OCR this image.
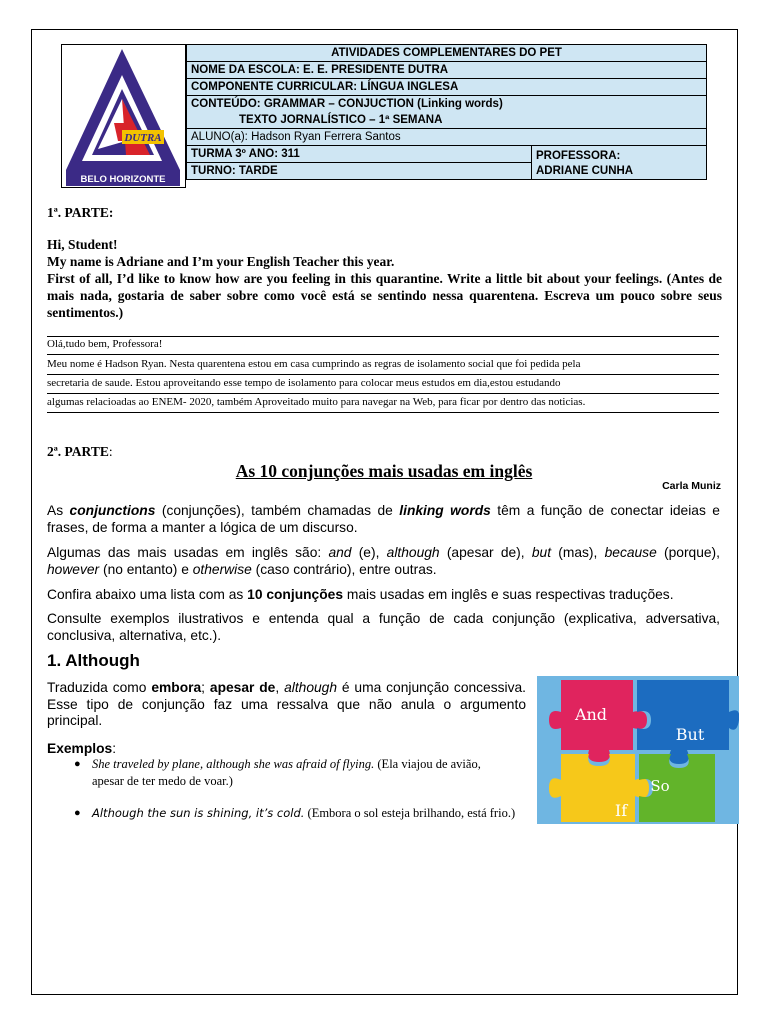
DUTRA
BELO HORIZONTE
ATIVIDADES COMPLEMENTARES DO PET
NOME DA ESCOLA: E. E. PRESIDENTE DUTRA
COMPONENTE CURRICULAR: LÍNGUA INGLESA

CONTEÚDO: GRAMMAR – CONJUCTION (Linking words)
TEXTO JORNALÍSTICO – 1ª SEMANA

ALUNO(a): Hadson Ryan Ferrera Santos
TURMA 3º ANO: 311	PROFESSORA:
ADRIANE CUNHA

TURNO: TARDE
1ª. PARTE:
Hi, Student!
My name is Adriane and I’m your English Teacher this year.
First of all, I’d like to know how are you feeling in this quarantine. Write a little bit about your feelings. (Antes de mais nada, gostaria de saber sobre como você está se sentindo nessa quarentena. Escreva um pouco sobre seus sentimentos.)
Olá,tudo bem, Professora!
Meu nome é Hadson Ryan. Nesta quarentena estou em casa cumprindo as regras de isolamento social que foi pedida pela
secretaria de saude. Estou aproveitando esse tempo de isolamento para colocar meus estudos em dia,estou estudando
algumas relacioadas ao ENEM- 2020, também Aproveitado muito para navegar na Web, para ficar por dentro das noticias.
2ª. PARTE:
As 10 conjunções mais usadas em inglês
Carla Muniz
As conjunctions (conjunções), também chamadas de linking words têm a função de conectar ideias e frases, de forma a manter a lógica de um discurso.
Algumas das mais usadas em inglês são: and (e), although (apesar de), but (mas), because (porque), however (no entanto) e otherwise (caso contrário), entre outras.
Confira abaixo uma lista com as 10 conjunções mais usadas em inglês e suas respectivas traduções.
Consulte exemplos ilustrativos e entenda qual a função de cada conjunção (explicativa, adversativa, conclusiva, alternativa, etc.).
1. Although
Traduzida como embora; apesar de, although é uma conjunção concessiva. Esse tipo de conjunção faz uma ressalva que não anula o argumento principal.
Exemplos:
● She traveled by plane, although she was afraid of flying. (Ela viajou de avião, apesar de ter medo de voar.)
● Although the sun is shining, it’s cold. (Embora o sol esteja brilhando, está frio.)
And
But
So
If
